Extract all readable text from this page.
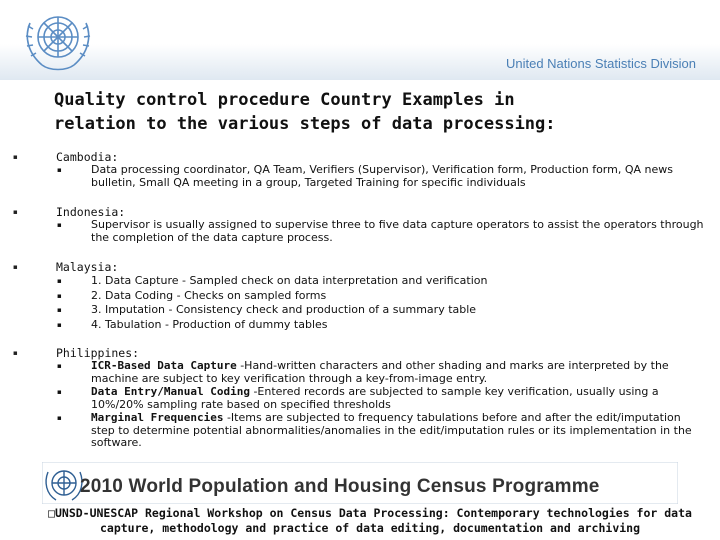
United Nations Statistics Division
Quality control procedure Country Examples in
relation to the various steps of data processing:
▪	Cambodia:
▪	Data processing coordinator, QA Team, Verifiers (Supervisor), Verification form, Production form, QA news bulletin, Small QA meeting in a group, Targeted Training for specific individuals
▪	Indonesia:
▪	Supervisor is usually assigned to supervise three to five data capture operators to assist the operators through the completion of the data capture process.
▪	Malaysia:
▪	1. Data Capture - Sampled check on data interpretation and verification
▪	2. Data Coding - Checks on sampled forms
▪	3. Imputation - Consistency check and production of a summary table
▪	4. Tabulation - Production of dummy tables
▪	Philippines:
▪	ICR-Based Data Capture -Hand-written characters and other shading and marks are interpreted by the machine are subject to key verification through a key-from-image entry.
▪	Data Entry/Manual Coding -Entered records are subjected to sample key verification, usually using a 10%/20% sampling rate based on specified thresholds
▪	Marginal Frequencies -Items are subjected to frequency tabulations before and after the edit/imputation step to determine potential abnormalities/anomalies in the edit/imputation rules or its implementation in the software.
2010 World Population and Housing Census Programme
□UNSD-UNESCAP Regional Workshop on Census Data Processing: Contemporary technologies for data capture, methodology and practice of data editing, documentation and archiving
